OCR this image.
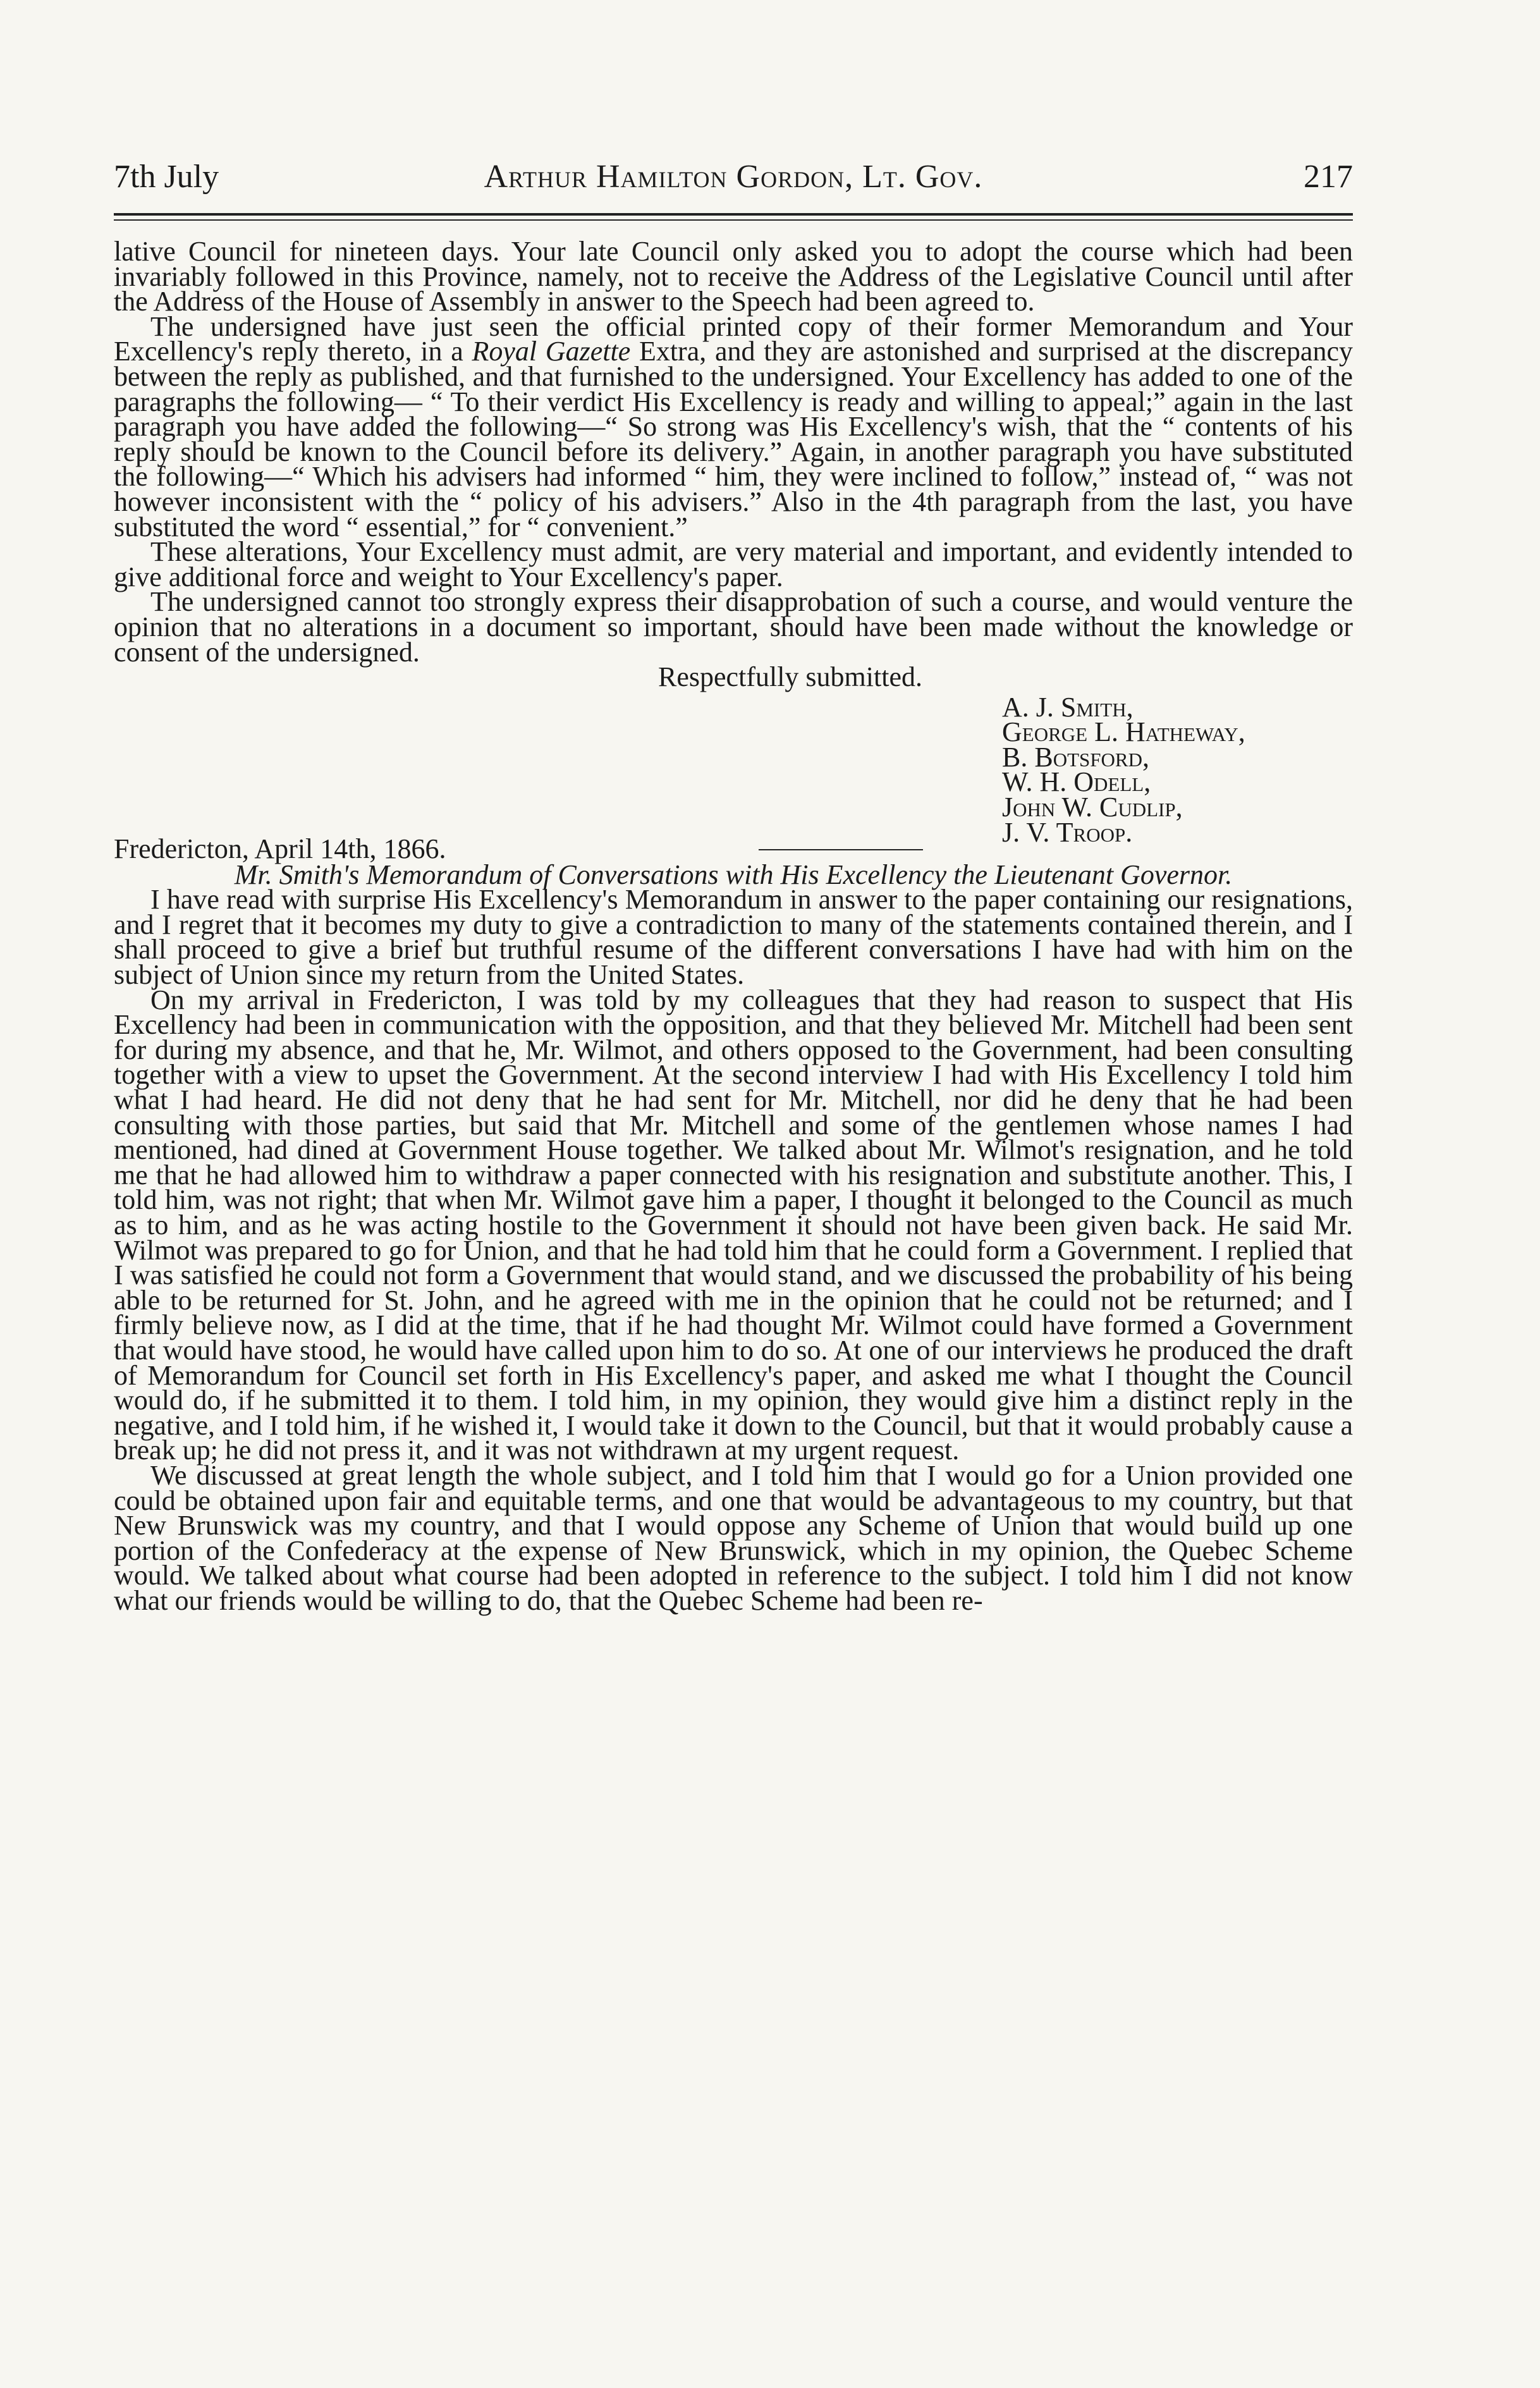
7th July	Arthur Hamilton Gordon, Lt. Gov.	217

lative Council for nineteen days. Your late Council only asked you to adopt the course which had been invariably followed in this Province, namely, not to receive the Address of the Legislative Council until after the Address of the House of Assembly in answer to the Speech had been agreed to.

The undersigned have just seen the official printed copy of their former Memorandum and Your Excellency's reply thereto, in a Royal Gazette Extra, and they are astonished and surprised at the discrepancy between the reply as published, and that furnished to the undersigned. Your Excellency has added to one of the paragraphs the following— “ To their verdict His Excellency is ready and willing to appeal;” again in the last paragraph you have added the following—“ So strong was His Excellency's wish, that the “ contents of his reply should be known to the Council before its delivery.” Again, in another paragraph you have substituted the following—“ Which his advisers had informed “ him, they were inclined to follow,” instead of, “ was not however inconsistent with the “ policy of his advisers.” Also in the 4th paragraph from the last, you have substituted the word “ essential,” for “ convenient.”

These alterations, Your Excellency must admit, are very material and important, and evidently intended to give additional force and weight to Your Excellency's paper.

The undersigned cannot too strongly express their disapprobation of such a course, and would venture the opinion that no alterations in a document so important, should have been made without the knowledge or consent of the undersigned.

Respectfully submitted.

A. J. Smith,
George L. Hatheway,
B. Botsford,
W. H. Odell,
John W. Cudlip,
J. V. Troop.
Fredericton, April 14th, 1866.

Mr. Smith's Memorandum of Conversations with His Excellency the Lieutenant Governor.

I have read with surprise His Excellency's Memorandum in answer to the paper containing our resignations, and I regret that it becomes my duty to give a contradiction to many of the statements contained therein, and I shall proceed to give a brief but truthful resume of the different conversations I have had with him on the subject of Union since my return from the United States.

On my arrival in Fredericton, I was told by my colleagues that they had reason to suspect that His Excellency had been in communication with the opposition, and that they believed Mr. Mitchell had been sent for during my absence, and that he, Mr. Wilmot, and others opposed to the Government, had been consulting together with a view to upset the Government. At the second interview I had with His Excellency I told him what I had heard. He did not deny that he had sent for Mr. Mitchell, nor did he deny that he had been consulting with those parties, but said that Mr. Mitchell and some of the gentlemen whose names I had mentioned, had dined at Government House together. We talked about Mr. Wilmot's resignation, and he told me that he had allowed him to withdraw a paper connected with his resignation and substitute another. This, I told him, was not right; that when Mr. Wilmot gave him a paper, I thought it belonged to the Council as much as to him, and as he was acting hostile to the Government it should not have been given back. He said Mr. Wilmot was prepared to go for Union, and that he had told him that he could form a Government. I replied that I was satisfied he could not form a Government that would stand, and we discussed the probability of his being able to be returned for St. John, and he agreed with me in the opinion that he could not be returned; and I firmly believe now, as I did at the time, that if he had thought Mr. Wilmot could have formed a Government that would have stood, he would have called upon him to do so. At one of our interviews he produced the draft of Memorandum for Council set forth in His Excellency's paper, and asked me what I thought the Council would do, if he submitted it to them. I told him, in my opinion, they would give him a distinct reply in the negative, and I told him, if he wished it, I would take it down to the Council, but that it would probably cause a break up; he did not press it, and it was not withdrawn at my urgent request.

We discussed at great length the whole subject, and I told him that I would go for a Union provided one could be obtained upon fair and equitable terms, and one that would be advantageous to my country, but that New Brunswick was my country, and that I would oppose any Scheme of Union that would build up one portion of the Confederacy at the expense of New Brunswick, which in my opinion, the Quebec Scheme would. We talked about what course had been adopted in reference to the subject. I told him I did not know what our friends would be willing to do, that the Quebec Scheme had been re-
